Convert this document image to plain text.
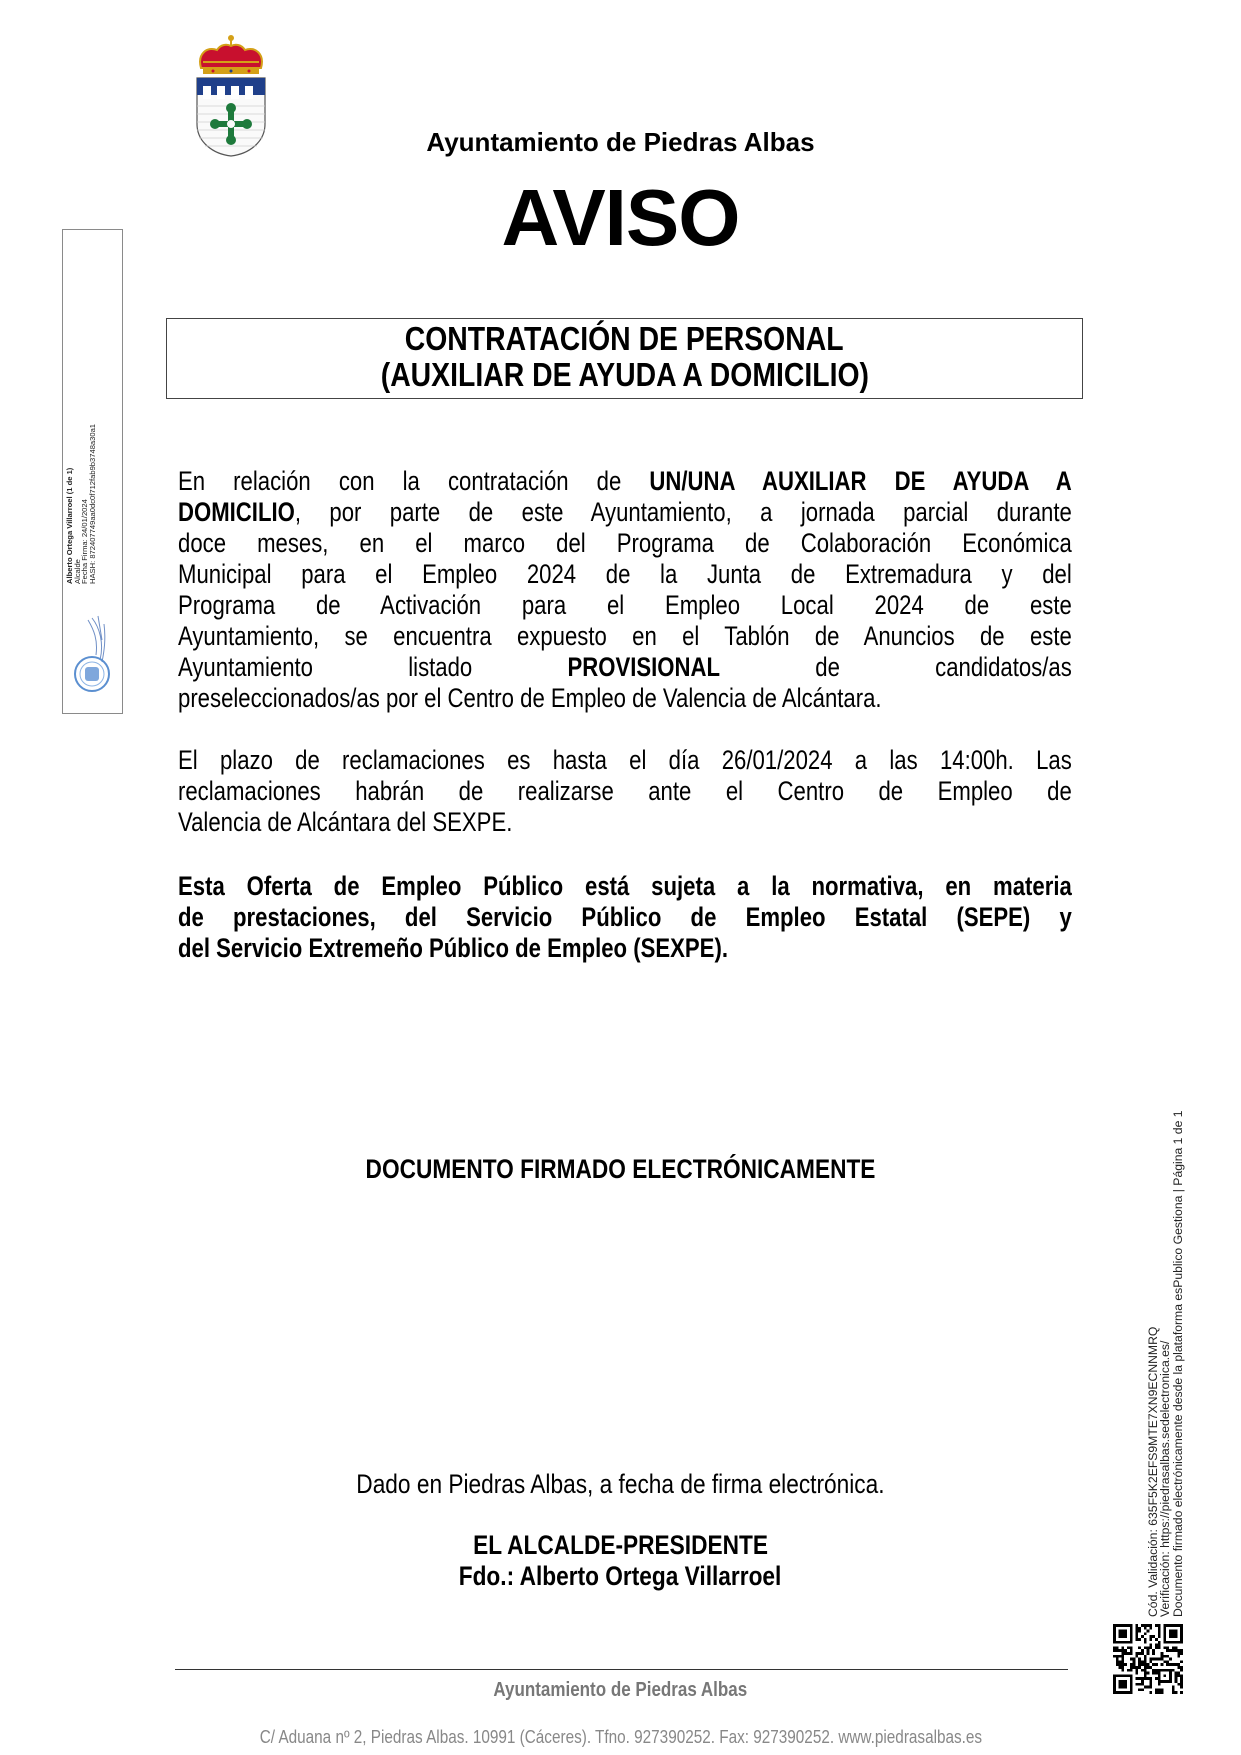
Ayuntamiento de Piedras Albas
AVISO
CONTRATACIÓN DE PERSONAL
(AUXILIAR DE AYUDA A DOMICILIO)
En relación con la contratación de UN/UNA AUXILIAR DE AYUDA A
DOMICILIO, por parte de este Ayuntamiento, a jornada parcial durante
doce meses, en el marco del Programa de Colaboración Económica
Municipal para el Empleo 2024 de la Junta de Extremadura y del
Programa de Activación para el Empleo Local 2024 de este
Ayuntamiento, se encuentra expuesto en el Tablón de Anuncios de este
Ayuntamiento listado PROVISIONAL de candidatos/as
preseleccionados/as por el Centro de Empleo de Valencia de Alcántara.
El plazo de reclamaciones es hasta el día 26/01/2024 a las 14:00h. Las
reclamaciones habrán de realizarse ante el Centro de Empleo de
Valencia de Alcántara del SEXPE.
Esta Oferta de Empleo Público está sujeta a la normativa, en materia
de prestaciones, del Servicio Público de Empleo Estatal (SEPE) y
del Servicio Extremeño Público de Empleo (SEXPE).
DOCUMENTO FIRMADO ELECTRÓNICAMENTE
Dado en Piedras Albas, a fecha de firma electrónica.
EL ALCALDE-PRESIDENTE
Fdo.: Alberto Ortega Villarroel
Ayuntamiento de Piedras Albas
C/ Aduana nº 2, Piedras Albas. 10991 (Cáceres). Tfno. 927390252. Fax: 927390252. www.piedrasalbas.es
Alberto Ortega Villarroel (1 de 1)
Alcalde
Fecha Firma: 24/01/2024
HASH: 872407749aa0dc0f712fab9b3748a30a1
Cód. Validación: 635F5K2EFS9MTE7XN9ECNNMRQ
Verificación: https://piedrasalbas.sedelectronica.es/
Documento firmado electrónicamente desde la plataforma esPublico Gestiona | Página 1 de 1
